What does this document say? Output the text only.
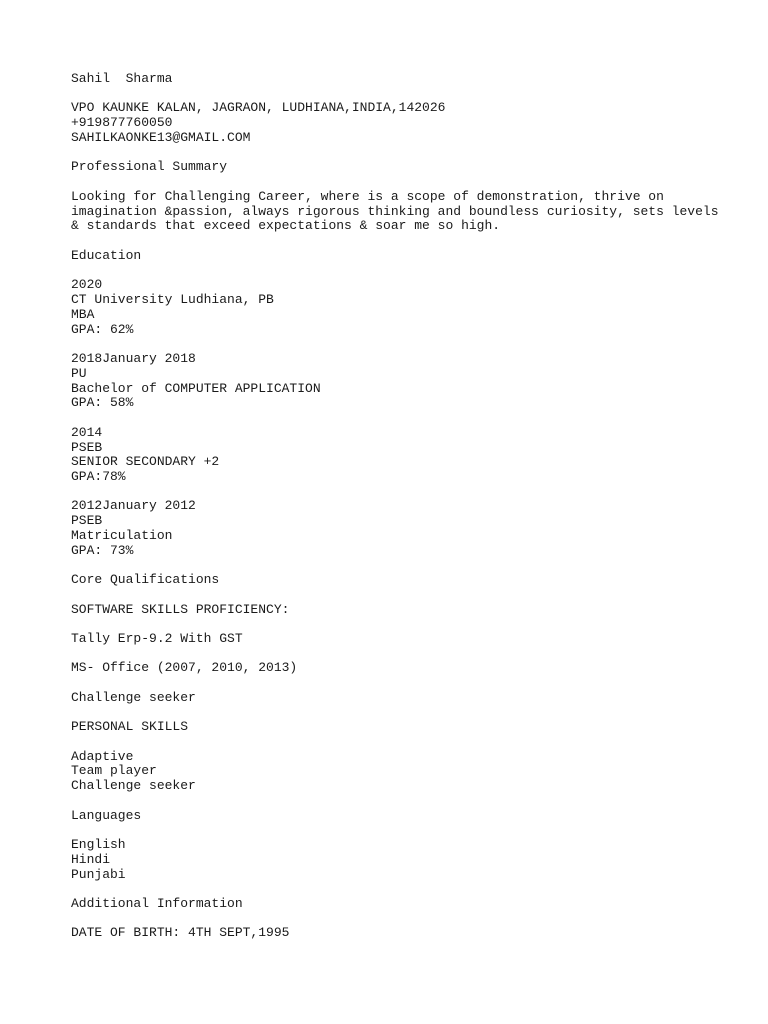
Sahil  Sharma
VPO KAUNKE KALAN, JAGRAON, LUDHIANA,INDIA,142026
+919877760050
SAHILKAONKE13@GMAIL.COM
Professional Summary
Looking for Challenging Career, where is a scope of demonstration, thrive on
imagination &passion, always rigorous thinking and boundless curiosity, sets levels
& standards that exceed expectations & soar me so high.
Education
2020
CT University Ludhiana, PB
MBA
GPA: 62%
2018January 2018
PU
Bachelor of COMPUTER APPLICATION
GPA: 58%
2014
PSEB
SENIOR SECONDARY +2
GPA:78%
2012January 2012
PSEB
Matriculation
GPA: 73%
Core Qualifications
SOFTWARE SKILLS PROFICIENCY:
Tally Erp-9.2 With GST
MS- Office (2007, 2010, 2013)
Challenge seeker
PERSONAL SKILLS
Adaptive
Team player
Challenge seeker
Languages
English
Hindi
Punjabi
Additional Information
DATE OF BIRTH: 4TH SEPT,1995
